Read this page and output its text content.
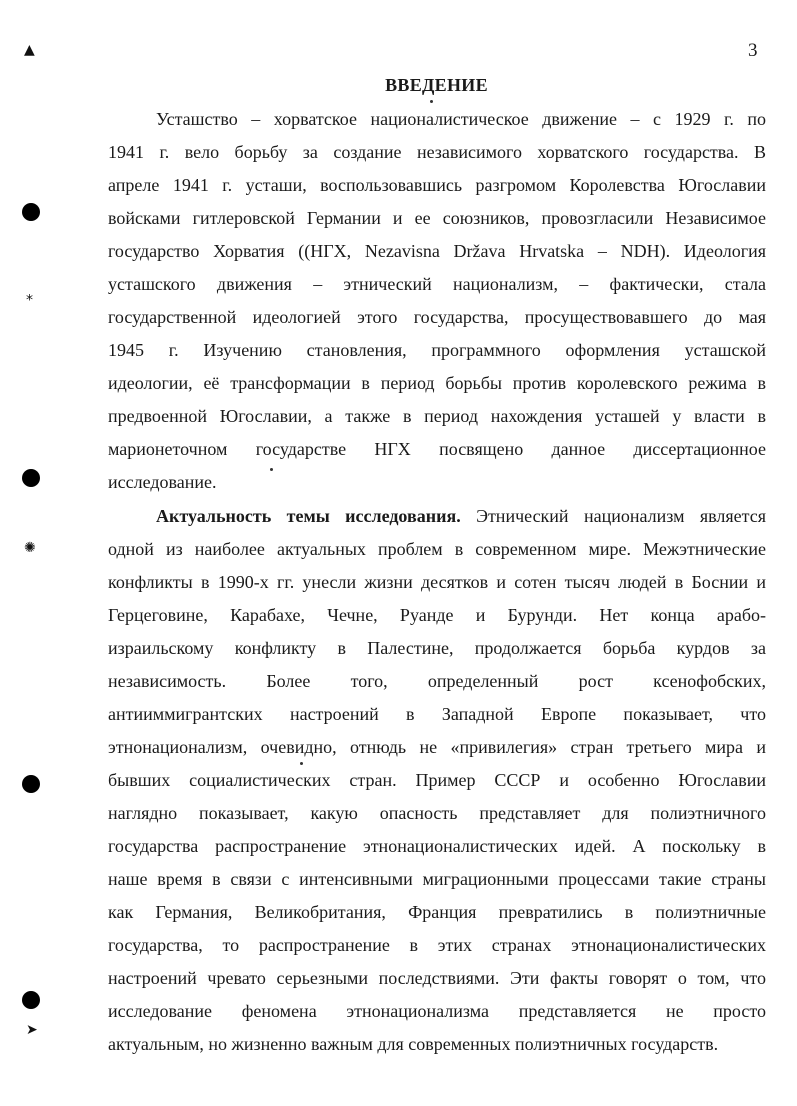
▲
⁎
✺
➤
3
ВВЕДЕНИЕ

Усташство – хорватское националистическое движение – с 1929 г. по

1941 г. вело борьбу за создание независимого хорватского государства. В

апреле 1941 г. усташи, воспользовавшись разгромом Королевства Югославии

войсками гитлеровской Германии и ее союзников, провозгласили Независимое

государство Хорватия ((НГХ, Nezavisna Država Hrvatska – NDH). Идеология

усташского движения – этнический национализм, – фактически, стала

государственной идеологией этого государства, просуществовавшего до мая

1945 г. Изучению становления, программного оформления усташской

идеологии, её трансформации в период борьбы против королевского режима в

предвоенной Югославии, а также в период нахождения усташей у власти в

марионеточном государстве НГХ посвящено данное диссертационное

исследование.

Актуальность темы исследования. Этнический национализм является

одной из наиболее актуальных проблем в современном мире. Межэтнические

конфликты в 1990-х гг. унесли жизни десятков и сотен тысяч людей в Боснии и

Герцеговине, Карабахе, Чечне, Руанде и Бурунди. Нет конца арабо-

израильскому конфликту в Палестине, продолжается борьба курдов за

независимость. Более того, определенный рост ксенофобских,

антииммигрантских настроений в Западной Европе показывает, что

этнонационализм, очевидно, отнюдь не «привилегия» стран третьего мира и

бывших социалистических стран. Пример СССР и особенно Югославии

наглядно показывает, какую опасность представляет для полиэтничного

государства распространение этнонационалистических идей. А поскольку в

наше время в связи с интенсивными миграционными процессами такие страны

как Германия, Великобритания, Франция превратились в полиэтничные

государства, то распространение в этих странах этнонационалистических

настроений чревато серьезными последствиями. Эти факты говорят о том, что

исследование феномена этнонационализма представляется не просто

актуальным, но жизненно важным для современных полиэтничных государств.
